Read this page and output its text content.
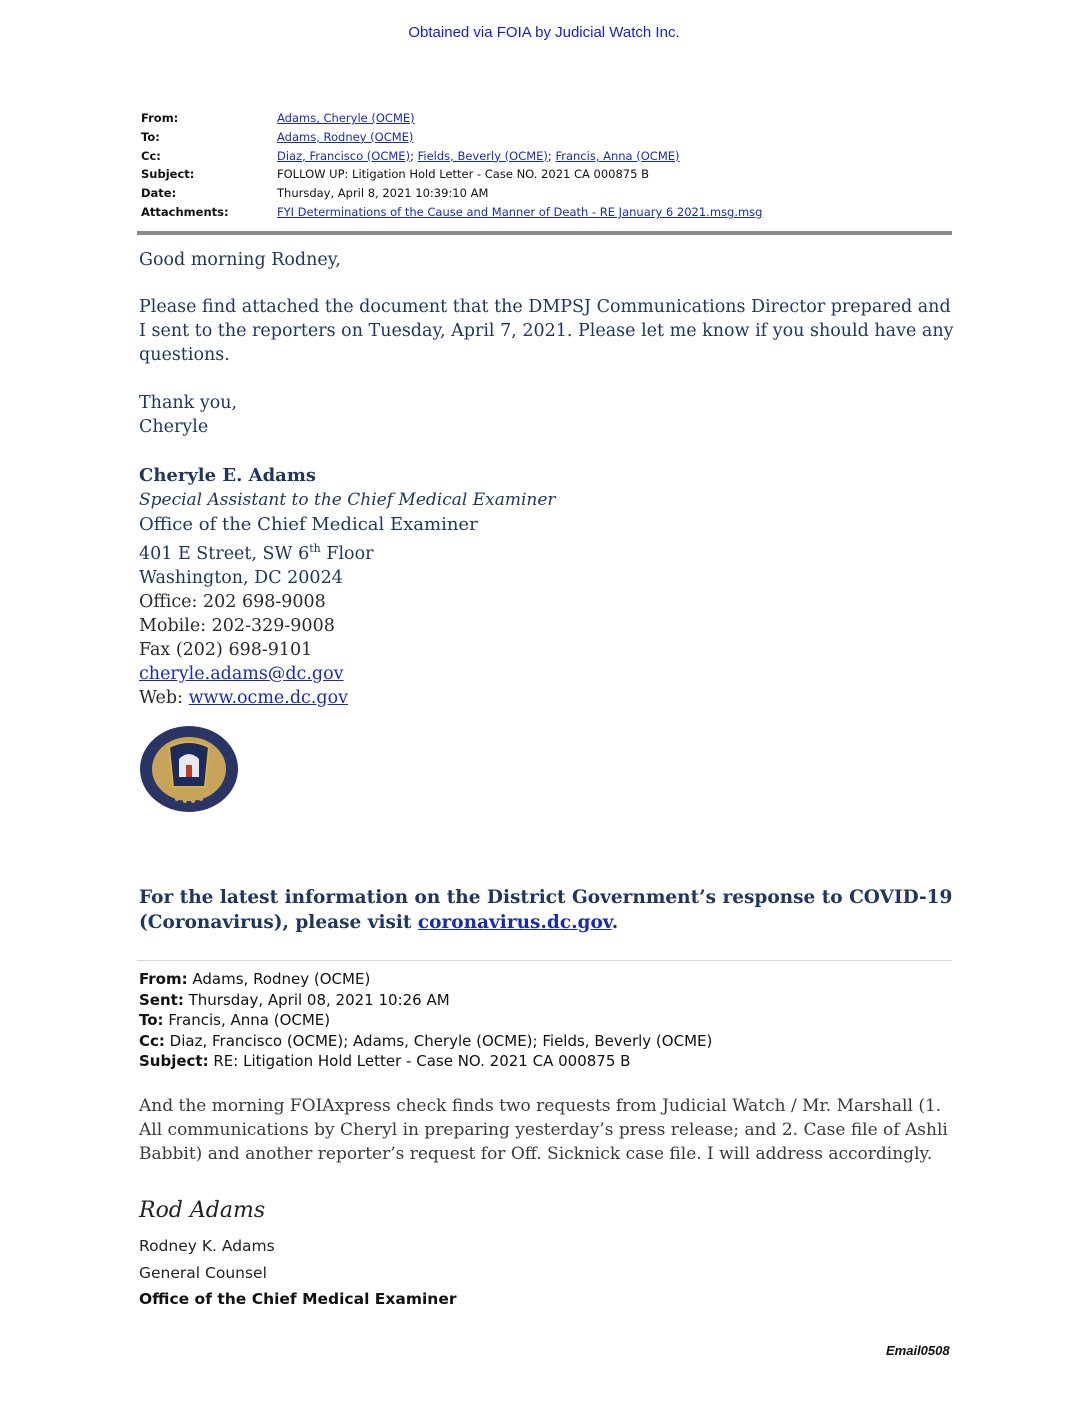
Obtained via FOIA by Judicial Watch Inc.
From:	Adams, Cheryle (OCME)
To:	Adams, Rodney (OCME)
Cc:	Diaz, Francisco (OCME); Fields, Beverly (OCME); Francis, Anna (OCME)
Subject:	FOLLOW UP: Litigation Hold Letter - Case NO. 2021 CA 000875 B
Date:	Thursday, April 8, 2021 10:39:10 AM
Attachments:	FYI Determinations of the Cause and Manner of Death - RE January 6 2021.msg.msg
Good morning Rodney,
Please find attached the document that the DMPSJ Communications Director prepared and I sent to the reporters on Tuesday, April 7, 2021. Please let me know if you should have any questions.
Thank you,
Cheryle
Cheryle E. Adams
Special Assistant to the Chief Medical Examiner
Office of the Chief Medical Examiner
401 E Street, SW 6th Floor
Washington, DC 20024
Office: 202 698-9008
Mobile: 202-329-9008
Fax (202) 698-9101
cheryle.adams@dc.gov
Web: www.ocme.dc.gov
For the latest information on the District Government’s response to COVID-19 (Coronavirus), please visit coronavirus.dc.gov.
From: Adams, Rodney (OCME)
Sent: Thursday, April 08, 2021 10:26 AM
To: Francis, Anna (OCME)
Cc: Diaz, Francisco (OCME); Adams, Cheryle (OCME); Fields, Beverly (OCME)
Subject: RE: Litigation Hold Letter - Case NO. 2021 CA 000875 B
And the morning FOIAxpress check finds two requests from Judicial Watch / Mr. Marshall (1. All communications by Cheryl in preparing yesterday’s press release; and 2. Case file of Ashli Babbit) and another reporter’s request for Off. Sicknick case file. I will address accordingly.
Rod Adams
Rodney K. Adams
General Counsel
Office of the Chief Medical Examiner
Email0508
